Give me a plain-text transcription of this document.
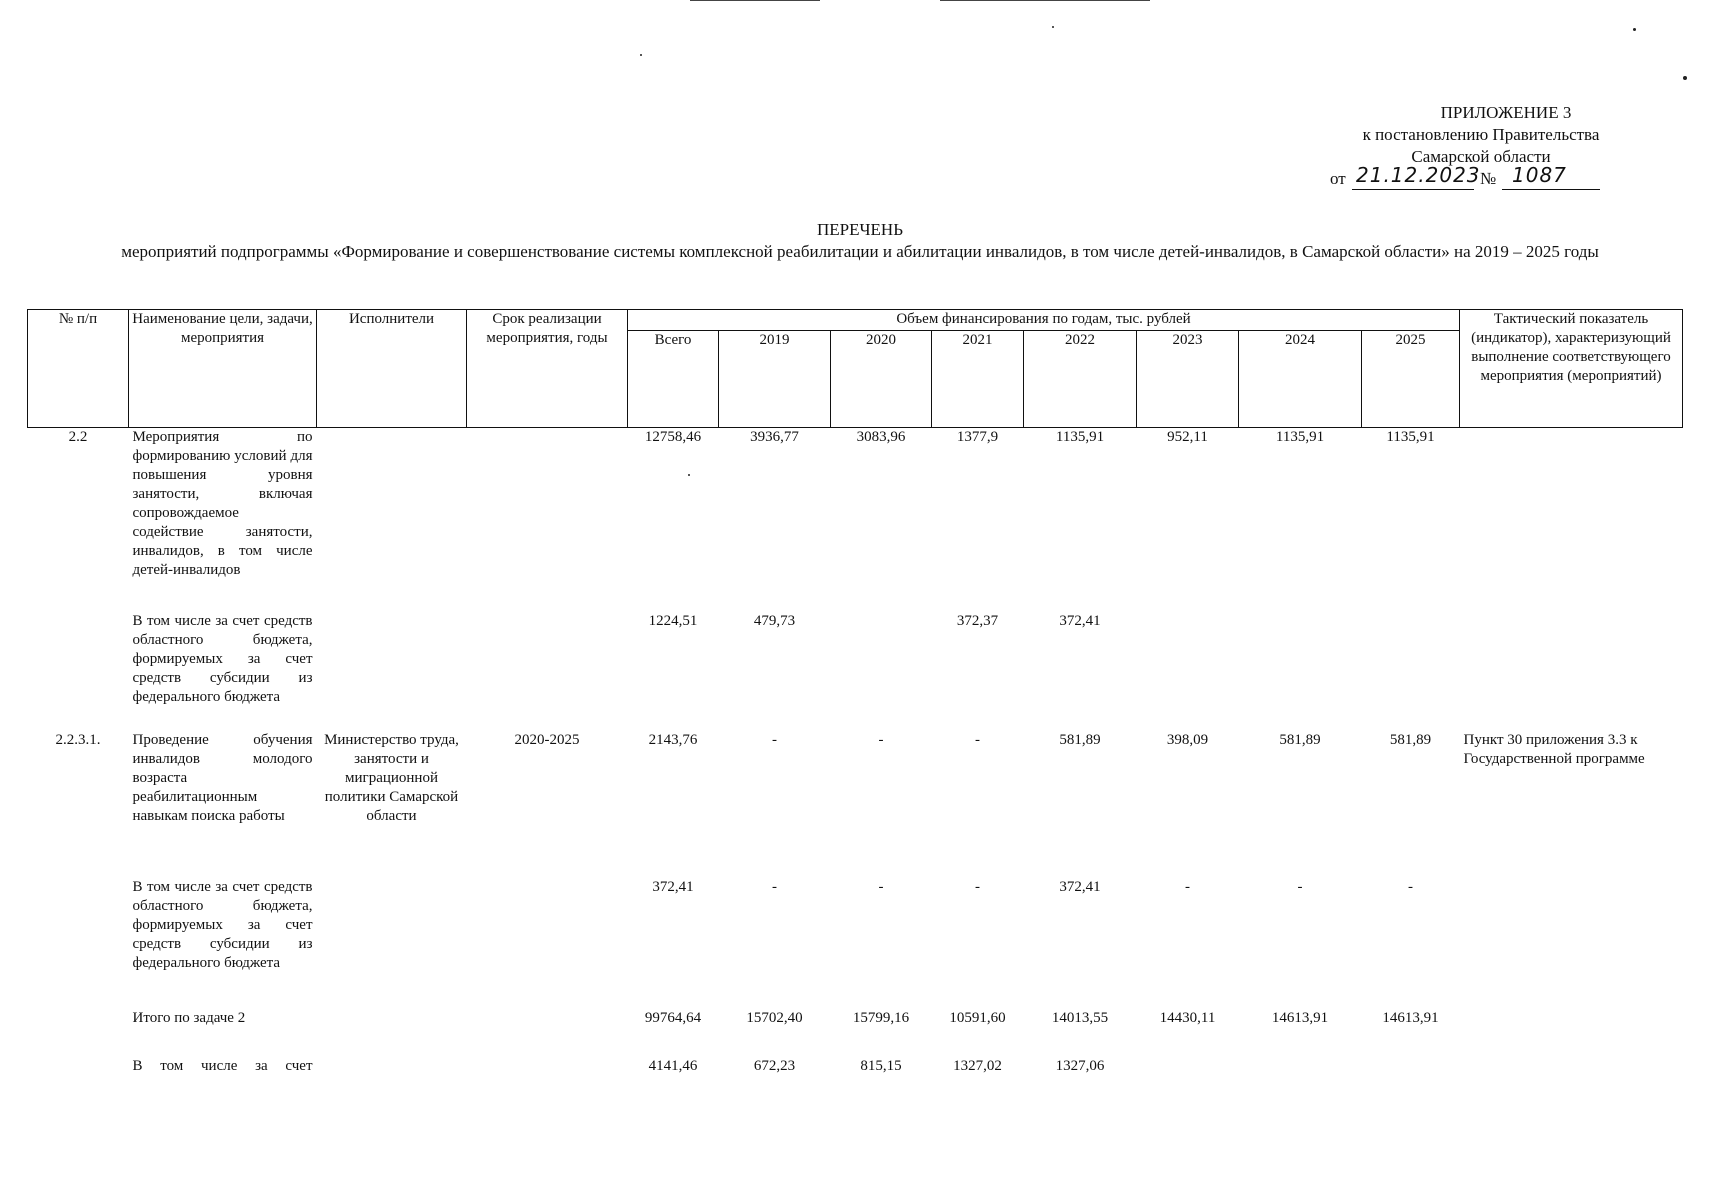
ПРИЛОЖЕНИЕ 3
к постановлению Правительства
Самарской области
от 21.12.2023 № 1087
ПЕРЕЧЕНЬ
мероприятий подпрограммы «Формирование и совершенствование системы комплексной реабилитации и абилитации инвалидов, в том числе детей-инвалидов, в Самарской области» на 2019 – 2025 годы
№ п/п	Наименование цели, задачи, мероприятия	Исполнители	Срок реализации мероприятия, годы	Объем финансирования по годам, тыс. рублей								Тактический показатель (индикатор), характеризующий выполнение соответствующего мероприятия (мероприятий)
				Всего	2019	2020	2021	2022	2023	2024	2025	
2.2	Мероприятия по формированию условий для повышения уровня занятости, включая сопровождаемое содействие занятости, инвалидов, в том числе детей-инвалидов			12758,46	3936,77	3083,96	1377,9	1135,91	952,11	1135,91	1135,91	
	В том числе за счет средств областного бюджета, формируемых за счет средств субсидии из федерального бюджета			1224,51	479,73		372,37	372,41				
2.2.3.1.	Проведение обучения инвалидов молодого возраста реабилитационным навыкам поиска работы	Министерство труда, занятости и миграционной политики Самарской области	2020-2025	2143,76	-	-	-	581,89	398,09	581,89	581,89	Пункт 30 приложения 3.3 к Государственной программе
	В том числе за счет средств областного бюджета, формируемых за счет средств субсидии из федерального бюджета			372,41	-	-	-	372,41	-	-	-	
	Итого по задаче 2			99764,64	15702,40	15799,16	10591,60	14013,55	14430,11	14613,91	14613,91	
	В том числе за счет			4141,46	672,23	815,15	1327,02	1327,06				
